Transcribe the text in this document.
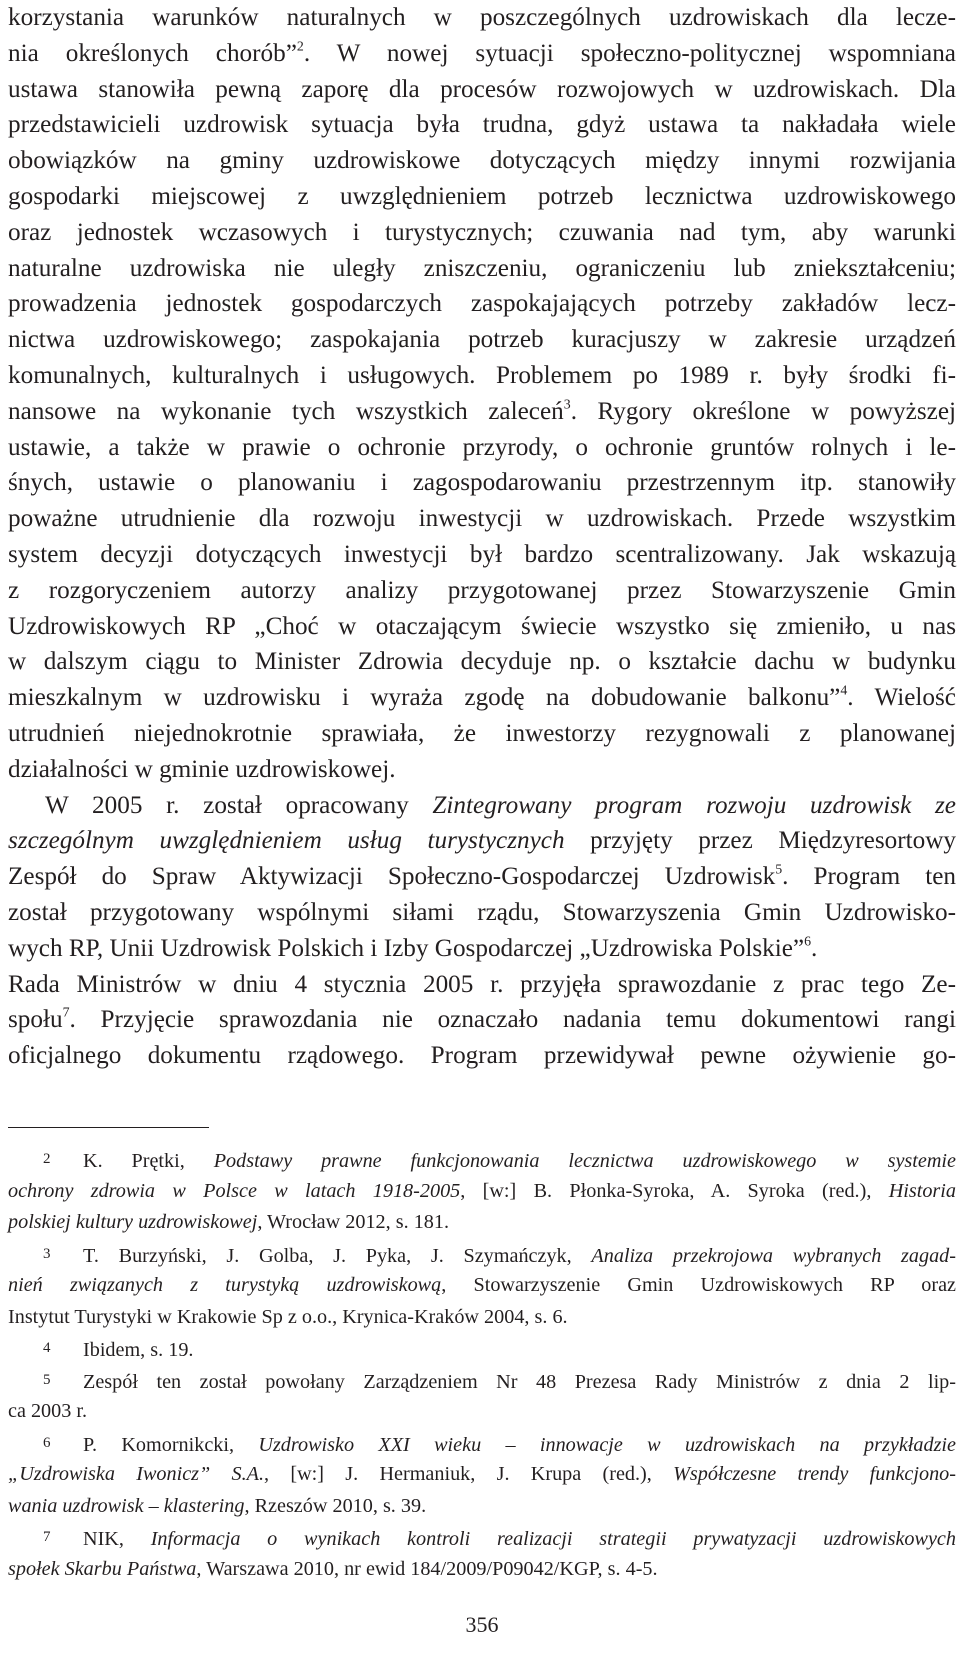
korzystania warunków naturalnych w poszczególnych uzdrowiskach dla lecze-
nia określonych chorób”$^2$. W nowej sytuacji społeczno-politycznej wspomniana
ustawa stanowiła pewną zaporę dla procesów rozwojowych w uzdrowiskach. Dla
przedstawicieli uzdrowisk sytuacja była trudna, gdyż ustawa ta nakładała wiele
obowiązków na gminy uzdrowiskowe dotyczących między innymi rozwijania
gospodarki miejscowej z uwzględnieniem potrzeb lecznictwa uzdrowiskowego
oraz jednostek wczasowych i turystycznych; czuwania nad tym, aby warunki
naturalne uzdrowiska nie uległy zniszczeniu, ograniczeniu lub zniekształceniu;
prowadzenia jednostek gospodarczych zaspokajających potrzeby zakładów lecz-
nictwa uzdrowiskowego; zaspokajania potrzeb kuracjuszy w zakresie urządzeń
komunalnych, kulturalnych i usługowych. Problemem po 1989 r. były środki fi-
nansowe na wykonanie tych wszystkich zaleceń$^3$. Rygory określone w powyższej
ustawie, a także w prawie o ochronie przyrody, o ochronie gruntów rolnych i le-
śnych, ustawie o planowaniu i zagospodarowaniu przestrzennym itp. stanowiły
poważne utrudnienie dla rozwoju inwestycji w uzdrowiskach. Przede wszystkim
system decyzji dotyczących inwestycji był bardzo scentralizowany. Jak wskazują
z rozgoryczeniem autorzy analizy przygotowanej przez Stowarzyszenie Gmin
Uzdrowiskowych RP „Choć w otaczającym świecie wszystko się zmieniło, u nas
w dalszym ciągu to Minister Zdrowia decyduje np. o kształcie dachu w budynku
mieszkalnym w uzdrowisku i wyraża zgodę na dobudowanie balkonu”$^4$. Wielość
utrudnień niejednokrotnie sprawiała, że inwestorzy rezygnowali z planowanej
działalności w gminie uzdrowiskowej.
W 2005 r. został opracowany Zintegrowany program rozwoju uzdrowisk ze
szczególnym uwzględnieniem usług turystycznych przyjęty przez Międzyresortowy
Zespół do Spraw Aktywizacji Społeczno-Gospodarczej Uzdrowisk$^5$. Program ten
został przygotowany wspólnymi siłami rządu, Stowarzyszenia Gmin Uzdrowisko-
wych RP, Unii Uzdrowisk Polskich i Izby Gospodarczej „Uzdrowiska Polskie”$^6$.
Rada Ministrów w dniu 4 stycznia 2005 r. przyjęła sprawozdanie z prac tego Ze-
społu$^7$. Przyjęcie sprawozdania nie oznaczało nadania temu dokumentowi rangi
oficjalnego dokumentu rządowego. Program przewidywał pewne ożywienie go-
2 K. Prętki, Podstawy prawne funkcjonowania lecznictwa uzdrowiskowego w systemie
ochrony zdrowia w Polsce w latach 1918-2005, [w:] B. Płonka-Syroka, A. Syroka (red.), Historia
polskiej kultury uzdrowiskowej, Wrocław 2012, s. 181.
3 T. Burzyński, J. Golba, J. Pyka, J. Szymańczyk, Analiza przekrojowa wybranych zagad-
nień związanych z turystyką uzdrowiskową, Stowarzyszenie Gmin Uzdrowiskowych RP oraz
Instytut Turystyki w Krakowie Sp z o.o., Krynica-Kraków 2004, s. 6.
4 Ibidem, s. 19.
5 Zespół ten został powołany Zarządzeniem Nr 48 Prezesa Rady Ministrów z dnia 2 lip-
ca 2003 r.
6 P. Komornikcki, Uzdrowisko XXI wieku – innowacje w uzdrowiskach na przykładzie
„Uzdrowiska Iwonicz” S.A., [w:] J. Hermaniuk, J. Krupa (red.), Współczesne trendy funkcjono-
wania uzdrowisk – klastering, Rzeszów 2010, s. 39.
7 NIK, Informacja o wynikach kontroli realizacji strategii prywatyzacji uzdrowiskowych
społek Skarbu Państwa, Warszawa 2010, nr ewid 184/2009/P09042/KGP, s. 4-5.
356
